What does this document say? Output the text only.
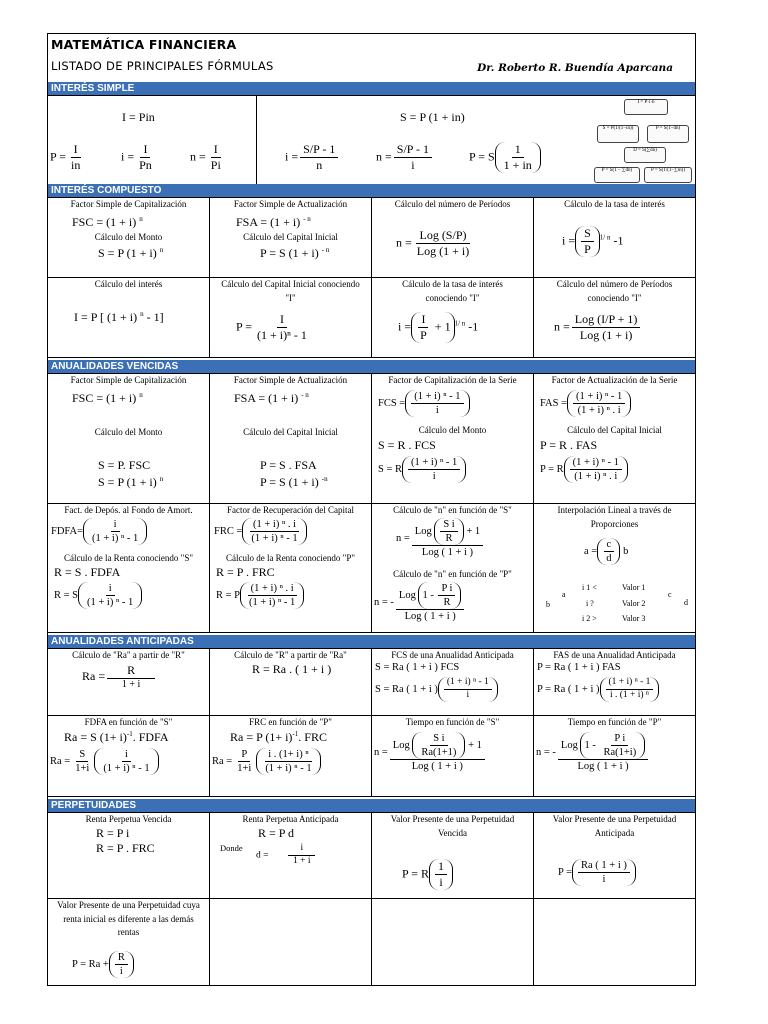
MATEMÁTICA FINANCIERA
LISTADO DE PRINCIPALES FÓRMULAS	Dr. Roberto R. Buendía Aparcana
INTERÉS SIMPLE
I = Pin
$P = \frac{I}{in}$	$i = \frac{I}{Pn}$	$n = \frac{I}{Pi}$
S = P (1 + in)
$i = \frac{S/P - 1}{n}$	$n = \frac{S/P - 1}{i}$	P = S $\frac{1}{1 + in}$
I = P·i·n
S = P(1/(1−in))	P = S(1−dn)
D = S(∑dn)
P = S(1 − ∑dn)	P = S(1/(1−∑in))
INTERÉS COMPUESTO
Factor Simple de Capitalización
FSC = (1 + i) $^n$
Cálculo del Monto
S = P (1 + i) $^n$
Factor Simple de Actualización
FSA = (1 + i) $^{- n}$
Cálculo del Capital Inicial
P = S (1 + i) $^{- n}$
Cálculo del número de Períodos
$n = \frac{\text{Log (S/P)}}{\text{Log (1 + i)}}$
Cálculo de la tasa de interés
$i = \frac{S}{P} ^{1/ n}$ -1
Cálculo del interés
I = P [ (1 + i) $^n$ - 1]
Cálculo del Capital Inicial conociendo "I"
$P = \frac{I}{\text{(1 + i)ⁿ - 1}}$
Cálculo de la tasa de interés conociendo "I"
$i = \frac{I}{P} + 1$ $^{1/ n}$ -1
Cálculo del número de Períodos conociendo "I"
$n = \frac{\text{Log (I/P + 1)}}{\text{Log (1 + i)}}$
ANUALIDADES VENCIDAS
Factor Simple de Capitalización
FSC = (1 + i) $^n$
Cálculo del Monto
S = P. FSC
S = P (1 + i) $^n$
Factor Simple de Actualización
FSA = (1 + i) $^{- n}$
Cálculo del Capital Inicial
P = S . FSA
P = S (1 + i) $^{-n}$
Factor de Capitalización de la Serie
FCS = $\frac{\text{(1 + i) ⁿ - 1}}{i}$
Cálculo del Monto
S = R . FCS
S = R $\frac{\text{(1 + i) ⁿ - 1}}{i}$
Factor de Actualización de la Serie
FAS = $\frac{\text{(1 + i) ⁿ - 1}}{\text{(1 + i) ⁿ . i}}$
Cálculo del Capital Inicial
P = R . FAS
P = R $\frac{\text{(1 + i) ⁿ - 1}}{\text{(1 + i) ⁿ . i}}$
Fact. de Depós. al Fondo de Amort.
FDFA= $\frac{i}{\text{(1 + i) ⁿ - 1}}$
Cálculo de la Renta conociendo "S"
R = S . FDFA
R = S $\frac{i}{\text{(1 + i) ⁿ - 1}}$
Factor de Recuperación del Capital
FRC = $\frac{\text{(1 + i) ⁿ . i}}{\text{(1 + i) ⁿ - 1}}$
Cálculo de la Renta conociendo "P"
R = P . FRC
R = P $\frac{\text{(1 + i) ⁿ . i}}{\text{(1 + i) ⁿ - 1}}$
Cálculo de "n" en función de "S"
$n = \frac{Log \frac{\text{S i}}{R} + 1}{\text{Log ( 1 + i )}}$
Cálculo de "n" en función de "P"
n = - $\frac{Log 1 - \frac{\text{P i}}{R}}{\text{Log ( 1 + i )}}$
Interpolación Lineal a través de Proporciones
$a = \frac{c}{d}$ b
b
a
i 1 <	Valor 1
i ?	Valor 2
i 2 >	Valor 3
c
d
ANUALIDADES ANTICIPADAS
Cálculo de "Ra" a partir de "R"
$Ra = \frac{R}{1 + i}$
Cálculo de "R" a partir de "Ra"
R = Ra . ( 1 + i )
FCS de una Anualidad Anticipada
S = Ra ( 1 + i ) FCS
S = Ra ( 1 + i ) $\frac{\text{(1 + i) ⁿ - 1}}{i}$
FAS de una Anualidad Anticipada
P = Ra ( 1 + i ) FAS
P = Ra ( 1 + i ) $\frac{\text{(1 + i) ⁿ - 1}}{\text{i . (1 + i) ⁿ}}$
FDFA en función de "S"
Ra = S $(1+ i)^{-1}$. FDFA
$Ra = \frac{S}{1+i} \frac{i}{\text{(1 + i) ⁿ - 1}}$
FRC en función de "P"
Ra = P $(1+ i)^{-1}$. FRC
$Ra = \frac{P}{1+i} \frac{\text{i . (1+ i) ⁿ}}{\text{(1 + i) ⁿ - 1}}$
Tiempo en función de "S"
$n = \frac{Log \frac{\text{S i}}{Ra(1+1)} + 1}{\text{Log ( 1 + i )}}$
Tiempo en función de "P"
n = - $\frac{Log 1 - \frac{\text{P i}}{Ra(1+i)}}{\text{Log ( 1 + i )}}$
PERPETUIDADES
Renta Perpetua Vencida
R = P i
R = P . FRC
Renta Perpetua Anticipada
R = P d
Donde
$d = \frac{i}{1 + i}$
Valor Presente de una Perpetuidad Vencida
P = R $\frac{1}{i}$
Valor Presente de una Perpetuidad Anticipada
$P = \frac{Ra ( 1 + i )}{i}$
Valor Presente de una Perpetuidad cuya renta inicial es diferente a las demás rentas
$P = Ra + \frac{R}{i}$
